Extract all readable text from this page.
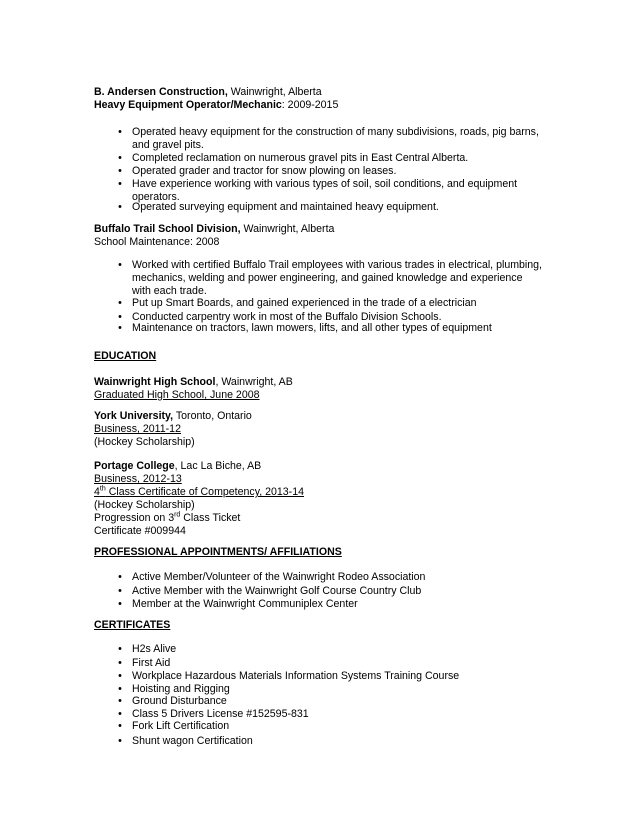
B. Andersen Construction, Wainwright, Alberta
Heavy Equipment Operator/Mechanic: 2009-2015
• Operated heavy equipment for the construction of many subdivisions, roads, pig barns, and gravel pits.
• Completed reclamation on numerous gravel pits in East Central Alberta.
• Operated grader and tractor for snow plowing on leases.
• Have experience working with various types of soil, soil conditions, and equipment operators.
• Operated surveying equipment and maintained heavy equipment.
Buffalo Trail School Division, Wainwright, Alberta
School Maintenance: 2008
• Worked with certified Buffalo Trail employees with various trades in electrical, plumbing, mechanics, welding and power engineering, and gained knowledge and experience with each trade.
• Put up Smart Boards, and gained experienced in the trade of a electrician
• Conducted carpentry work in most of the Buffalo Division Schools.
• Maintenance on tractors, lawn mowers, lifts, and all other types of equipment
EDUCATION
Wainwright High School, Wainwright, AB
Graduated High School, June 2008
York University, Toronto, Ontario
Business, 2011-12
(Hockey Scholarship)
Portage College, Lac La Biche, AB
Business, 2012-13
4th Class Certificate of Competency, 2013-14
(Hockey Scholarship)
Progression on 3rd Class Ticket
Certificate #009944
PROFESSIONAL APPOINTMENTS/ AFFILIATIONS
• Active Member/Volunteer of the Wainwright Rodeo Association
• Active Member with the Wainwright Golf Course Country Club
• Member at the Wainwright Communiplex Center
CERTIFICATES
• H2s Alive
• First Aid
• Workplace Hazardous Materials Information Systems Training Course
• Hoisting and Rigging
• Ground Disturbance
• Class 5 Drivers License #152595-831
• Fork Lift Certification
• Shunt wagon Certification
